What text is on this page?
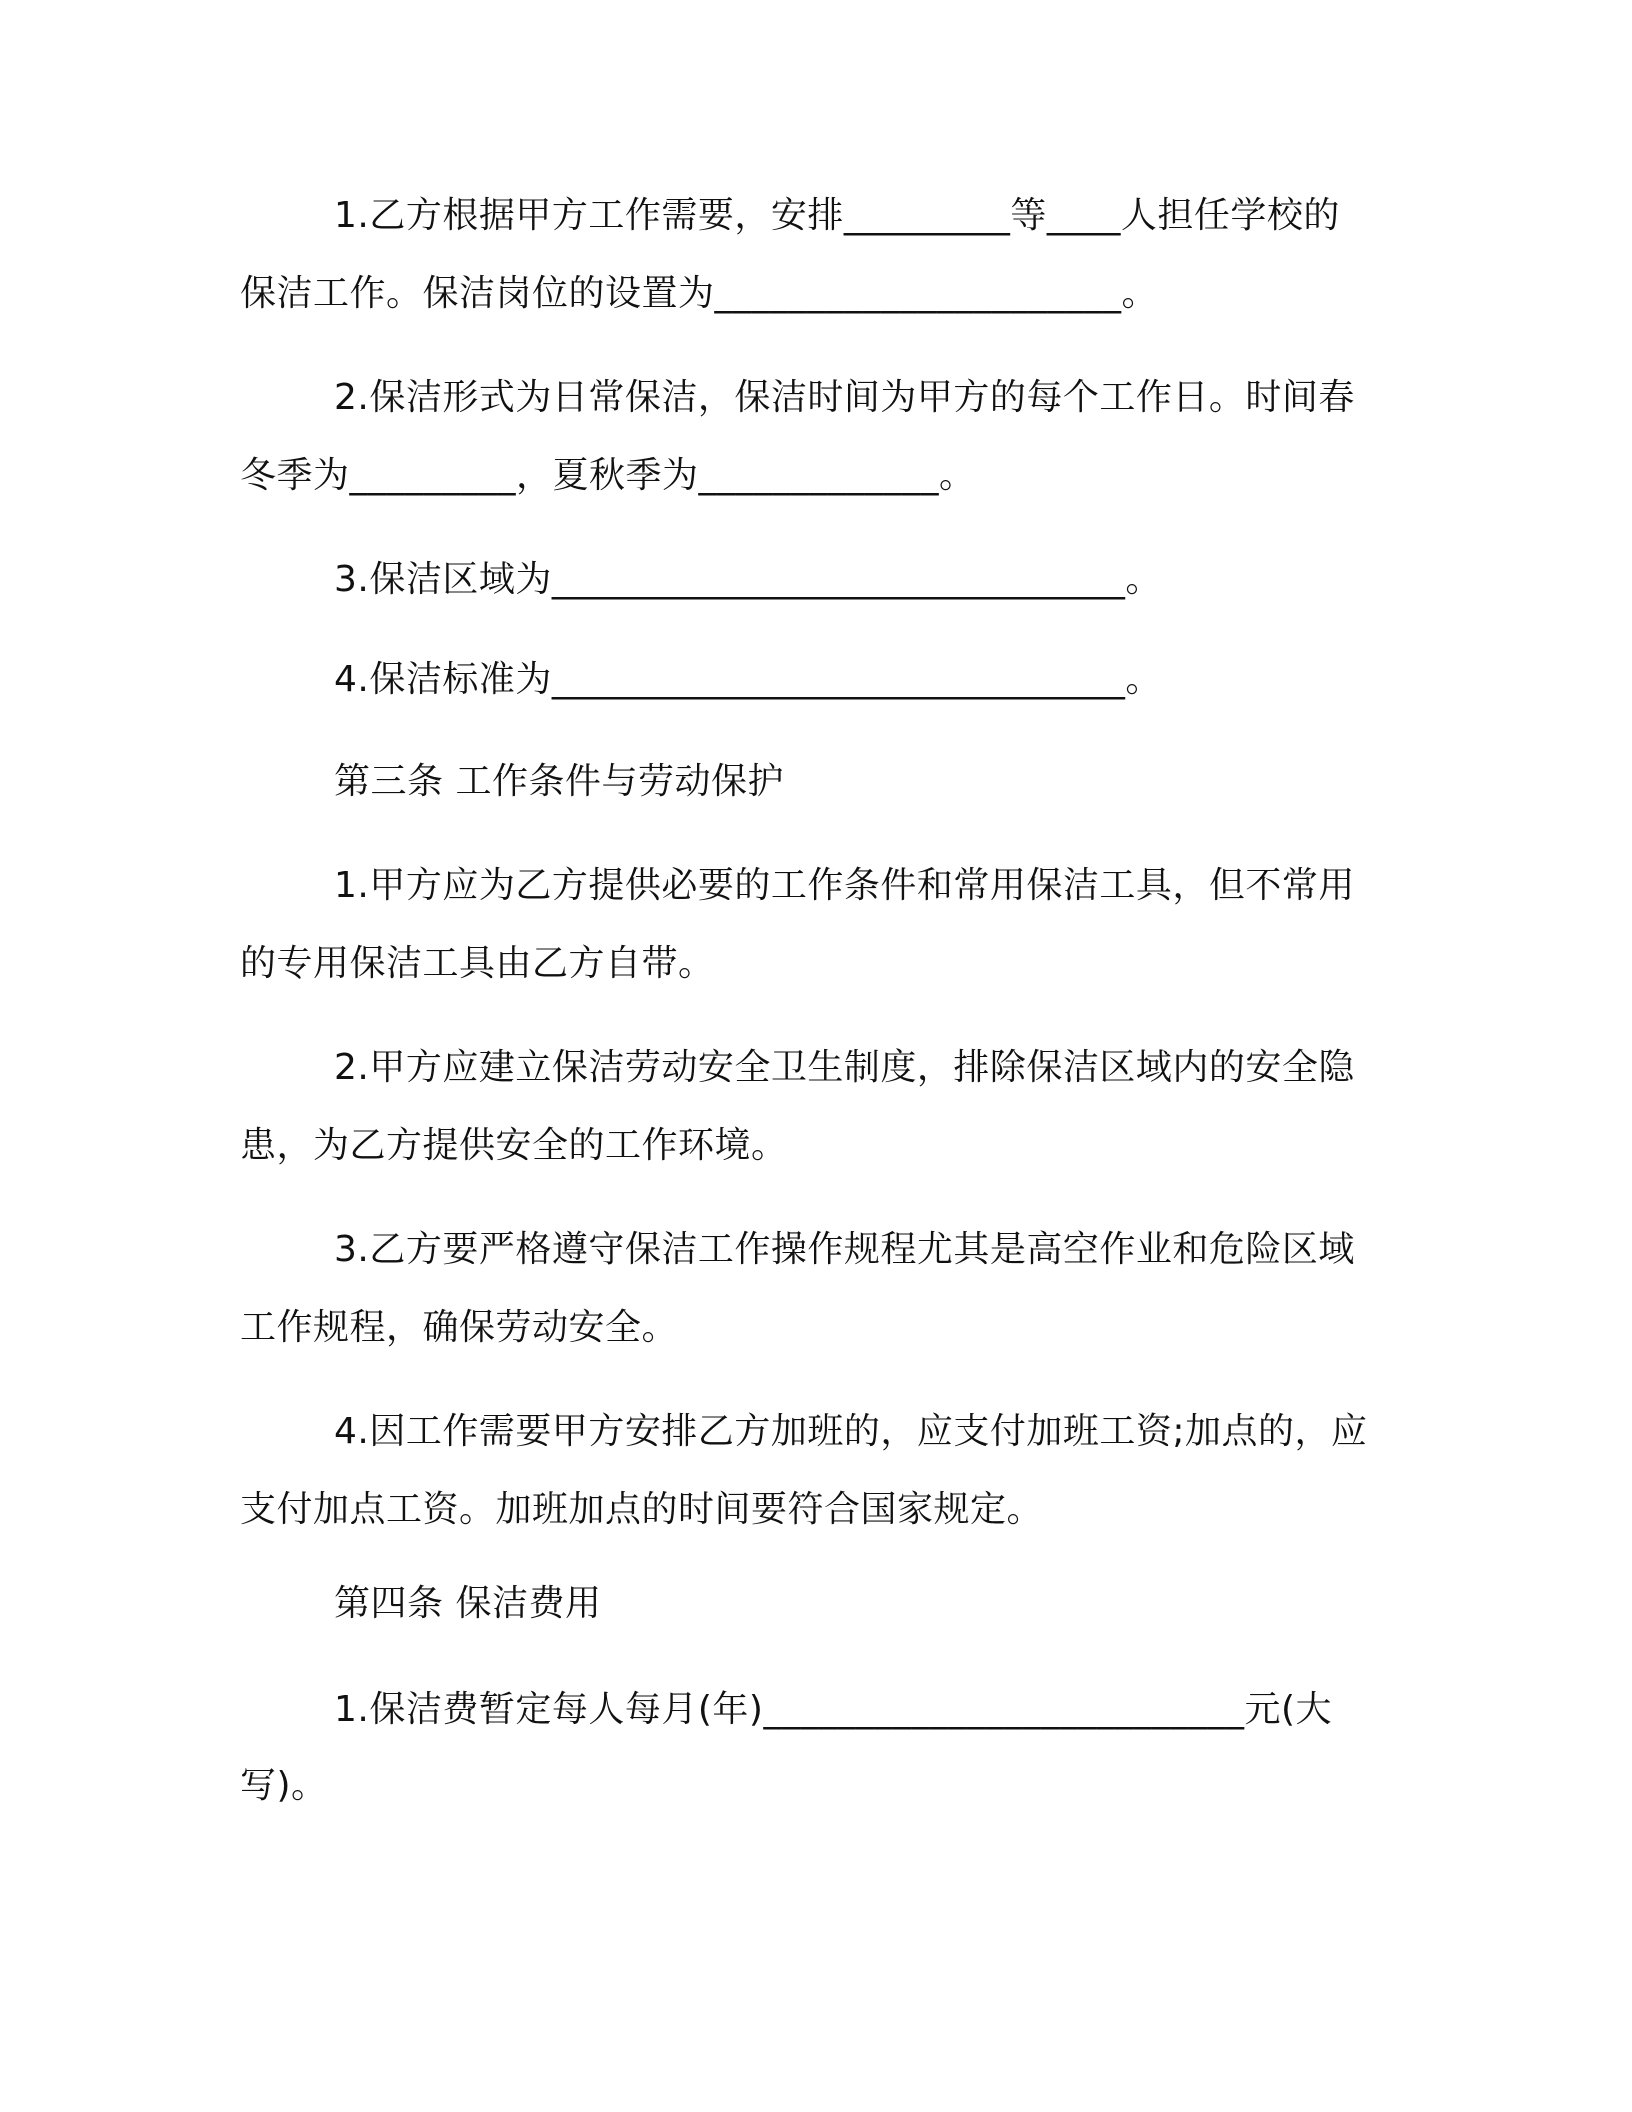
1.乙方根据甲方工作需要，安排_________等____人担任学校的
保洁工作。保洁岗位的设置为______________________。
2.保洁形式为日常保洁，保洁时间为甲方的每个工作日。时间春
冬季为_________，夏秋季为_____________。
3.保洁区域为_______________________________。
4.保洁标准为_______________________________。
第三条 工作条件与劳动保护
1.甲方应为乙方提供必要的工作条件和常用保洁工具，但不常用
的专用保洁工具由乙方自带。
2.甲方应建立保洁劳动安全卫生制度，排除保洁区域内的安全隐
患，为乙方提供安全的工作环境。
3.乙方要严格遵守保洁工作操作规程尤其是高空作业和危险区域
工作规程，确保劳动安全。
4.因工作需要甲方安排乙方加班的，应支付加班工资;加点的，应
支付加点工资。加班加点的时间要符合国家规定。
第四条 保洁费用
1.保洁费暂定每人每月(年)__________________________元(大
写)。
